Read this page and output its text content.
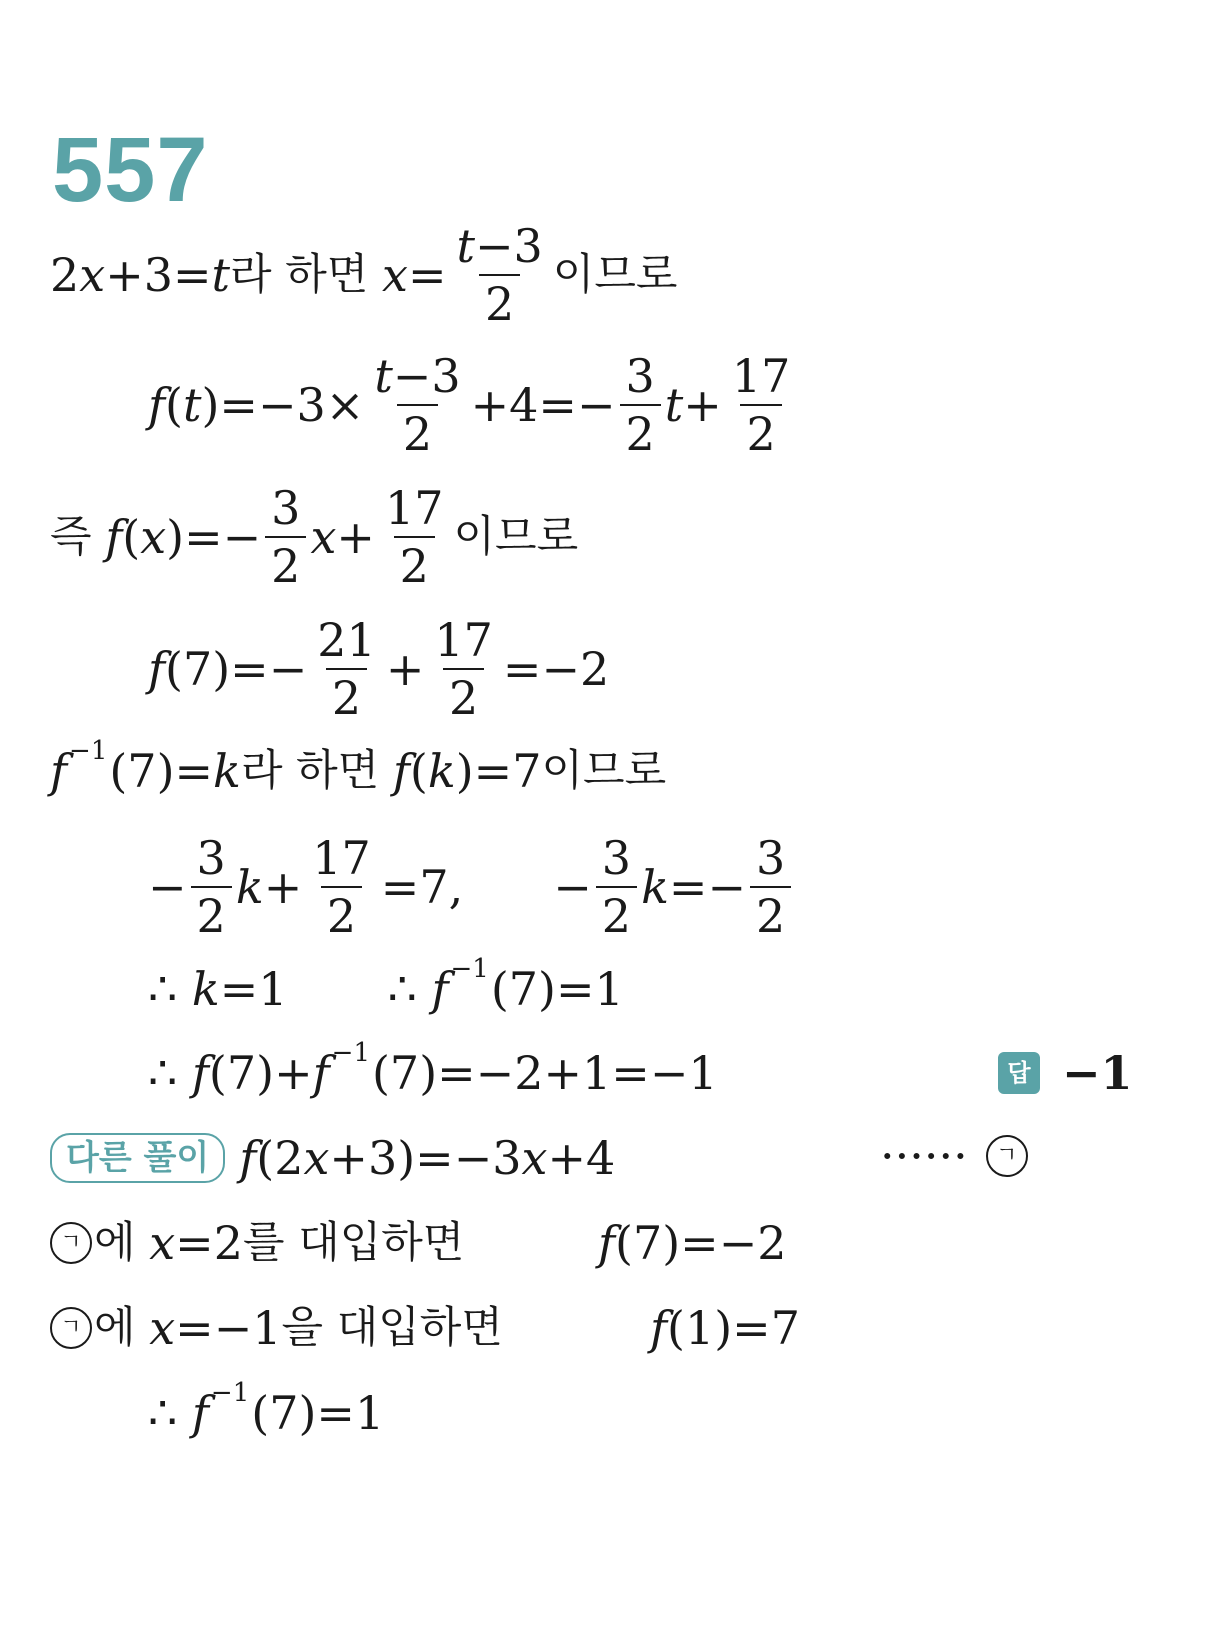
557
2𝑥+3=𝑡 라 하면 𝑥= $\frac{\text{𝑡−3}}{2}$ 이므로
𝑓(𝑡)=−3× $\frac{\text{𝑡−3}}{2} +4=- \frac{3}{2}$ 𝑡+ $\frac{17}{2}$
즉 𝑓(𝑥)=− $\frac{3}{2}$ 𝑥+ $\frac{17}{2}$ 이므로
𝑓(7)=− $\frac{21}{2} + \frac{17}{2} =-2$
𝑓 −1 (7)=𝑘 라 하면 𝑓(𝑘)=7 이므로
− $\frac{3}{2}$ 𝑘+ $\frac{17}{2} =7$, − $\frac{3}{2}$ 𝑘=− $\frac{3}{2}$
∴ 𝑘=1 ∴ 𝑓 −1 (7)=1
∴ 𝑓(7)+𝑓 −1 (7)=−2+1=−1	답 −1
다른 풀이 𝑓(2𝑥+3)=−3𝑥+4	······	ㄱ
ㄱ 에 𝑥=2 를 대입하면	𝑓(7)=−2
ㄱ 에 𝑥=−1 을 대입하면	𝑓(1)=7
∴ 𝑓 −1 (7)=1
